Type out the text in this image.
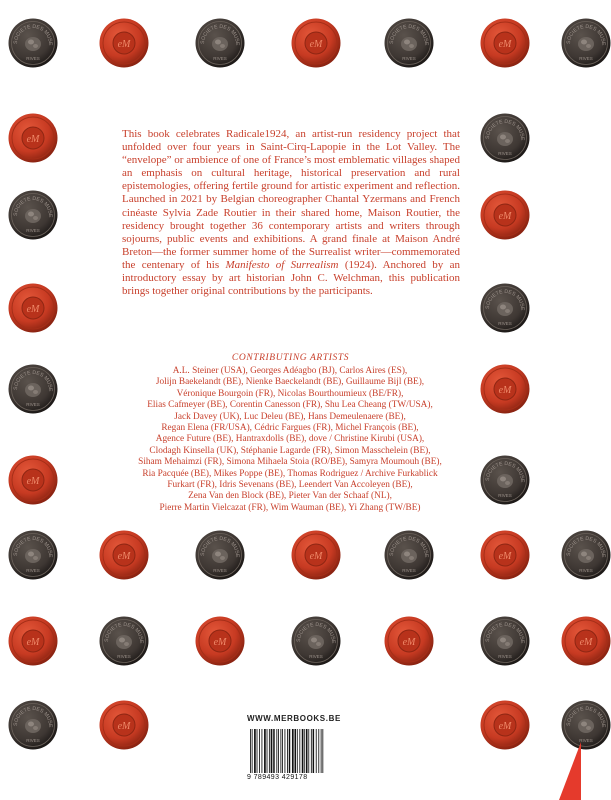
SOCIETE DES MUSE
RIVES
eM	SOCIETE DES MUSE
RIVES
eM	SOCIETE DES MUSE
RIVES
eM	SOCIETE DES MUSE
RIVES
eM	SOCIETE DES MUSE
RIVES
SOCIETE DES MUSE
RIVES
eM
eM	SOCIETE DES MUSE
RIVES
SOCIETE DES MUSE
RIVES
eM
eM	SOCIETE DES MUSE
RIVES
SOCIETE DES MUSE
RIVES
eM	SOCIETE DES MUSE
RIVES
eM	SOCIETE DES MUSE
RIVES
eM	SOCIETE DES MUSE
RIVES
eM	SOCIETE DES MUSE
RIVES
eM	SOCIETE DES MUSE
RIVES
eM	SOCIETE DES MUSE
RIVES
eM
SOCIETE DES MUSE
RIVES
eM	eM	SOCIETE DES MUSE
RIVES

This book celebrates Radicale1924, an artist-run residency project that unfolded over four years in Saint-Cirq-Lapopie in the Lot Valley. The “envelope” or ambience of one of France’s most emblematic villages shaped an emphasis on cultural heritage, historical preservation and rural epistemologies, offering fertile ground for artistic experiment and reflection. Launched in 2021 by Belgian choreographer Chantal Yzermans and French cinéaste Sylvia Zade Routier in their shared home, Maison Routier, the residency brought together 36 contemporary artists and writers through sojourns, public events and exhibitions. A grand finale at Maison André Breton—the former summer home of the Surrealist writer—commemorated the centenary of his Manifesto of Surrealism (1924). Anchored by an introductory essay by art historian John C. Welchman, this publication brings together original contributions by the participants.

CONTRIBUTING ARTISTS
A.L. Steiner (USA), Georges Adéagbo (BJ), Carlos Aires (ES),
Jolijn Baekelandt (BE), Nienke Baeckelandt (BE), Guillaume Bijl (BE),
Véronique Bourgoin (FR), Nicolas Bourthoumieux (BE/FR),
Elias Cafmeyer (BE), Corentin Canesson (FR), Shu Lea Cheang (TW/USA),
Jack Davey (UK), Luc Deleu (BE), Hans Demeulenaere (BE),
Regan Elena (FR/USA), Cédric Fargues (FR), Michel François (BE),
Agence Future (BE), Hantraxdolls (BE), dove / Christine Kirubi (USA),
Clodagh Kinsella (UK), Stéphanie Lagarde (FR), Simon Masschelein (BE),
Siham Mehaimzi (FR), Simona Mihaela Stoia (RO/BE), Samyra Moumouh (BE),
Ria Pacquée (BE), Mikes Poppe (BE), Thomas Rodriguez / Archive Furkablick
Furkart (FR), Idris Sevenans (BE), Leendert Van Accoleyen (BE),
Zena Van den Block (BE), Pieter Van der Schaaf (NL),
Pierre Martin Vielcazat (FR), Wim Wauman (BE), Yi Zhang (TW/BE)
WWW.MERBOOKS.BE
9 789493 429178
